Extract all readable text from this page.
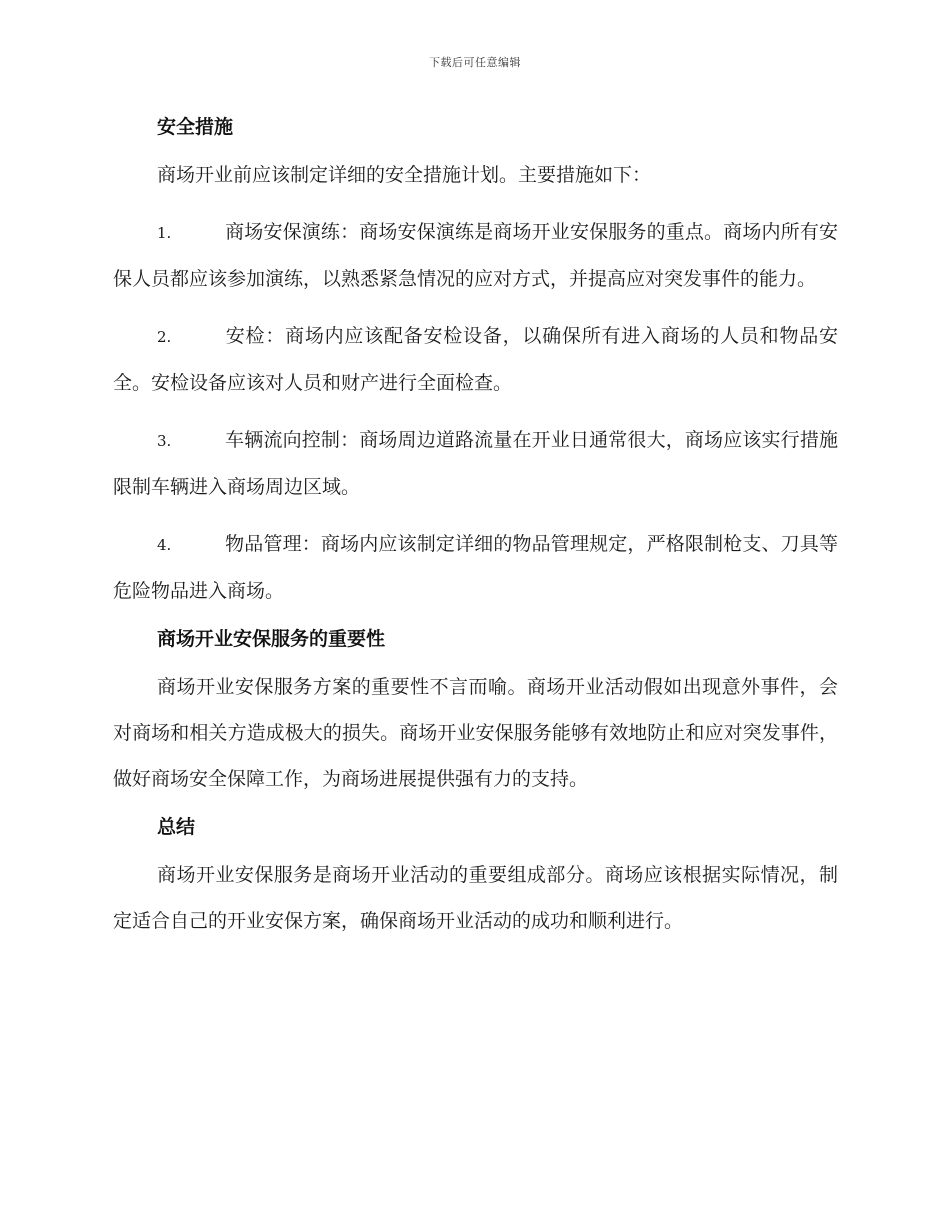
下载后可任意编辑
安全措施

商场开业前应该制定详细的安全措施计划。主要措施如下：

1.	商场安保演练：商场安保演练是商场开业安保服务的重点。商场内所有安保人员都应该参加演练，以熟悉紧急情况的应对方式，并提高应对突发事件的能力。

2.	安检：商场内应该配备安检设备，以确保所有进入商场的人员和物品安全。安检设备应该对人员和财产进行全面检查。

3.	车辆流向控制：商场周边道路流量在开业日通常很大，商场应该实行措施限制车辆进入商场周边区域。

4.	物品管理：商场内应该制定详细的物品管理规定，严格限制枪支、刀具等危险物品进入商场。

商场开业安保服务的重要性

商场开业安保服务方案的重要性不言而喻。商场开业活动假如出现意外事件，会对商场和相关方造成极大的损失。商场开业安保服务能够有效地防止和应对突发事件，做好商场安全保障工作，为商场进展提供强有力的支持。

总结

商场开业安保服务是商场开业活动的重要组成部分。商场应该根据实际情况，制定适合自己的开业安保方案，确保商场开业活动的成功和顺利进行。
